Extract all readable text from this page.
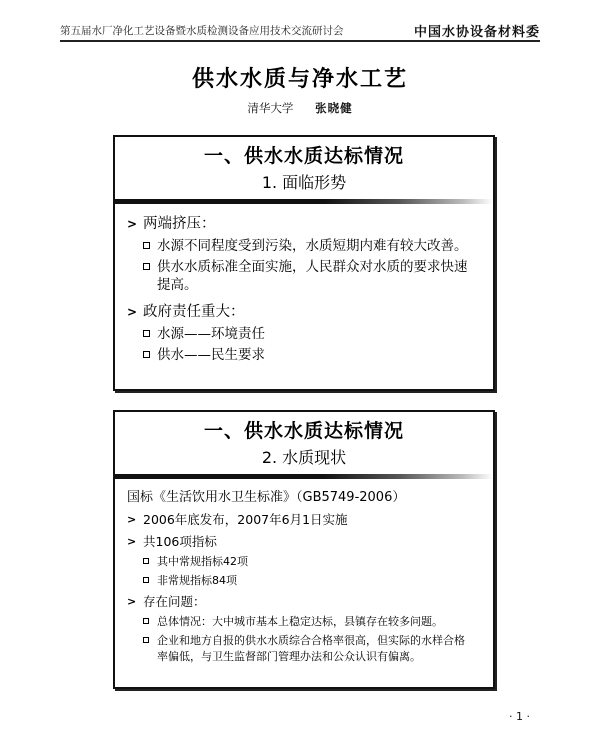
第五届水厂净化工艺设备暨水质检测设备应用技术交流研讨会	中国水协设备材料委
供水水质与净水工艺
清华大学 张晓健
一、供水水质达标情况
1. 面临形势
> 两端挤压：
水源不同程度受到污染，水质短期内难有较大改善。
供水水质标准全面实施，人民群众对水质的要求快速提高。
> 政府责任重大：
水源——环境责任
供水——民生要求
一、供水水质达标情况
2. 水质现状
国标《生活饮用水卫生标准》（GB5749-2006）
> 2006年底发布，2007年6月1日实施
> 共106项指标
其中常规指标42项
非常规指标84项
> 存在问题：
总体情况：大中城市基本上稳定达标，县镇存在较多问题。
企业和地方自报的供水水质综合合格率很高，但实际的水样合格率偏低，与卫生监督部门管理办法和公众认识有偏离。
· 1 ·
